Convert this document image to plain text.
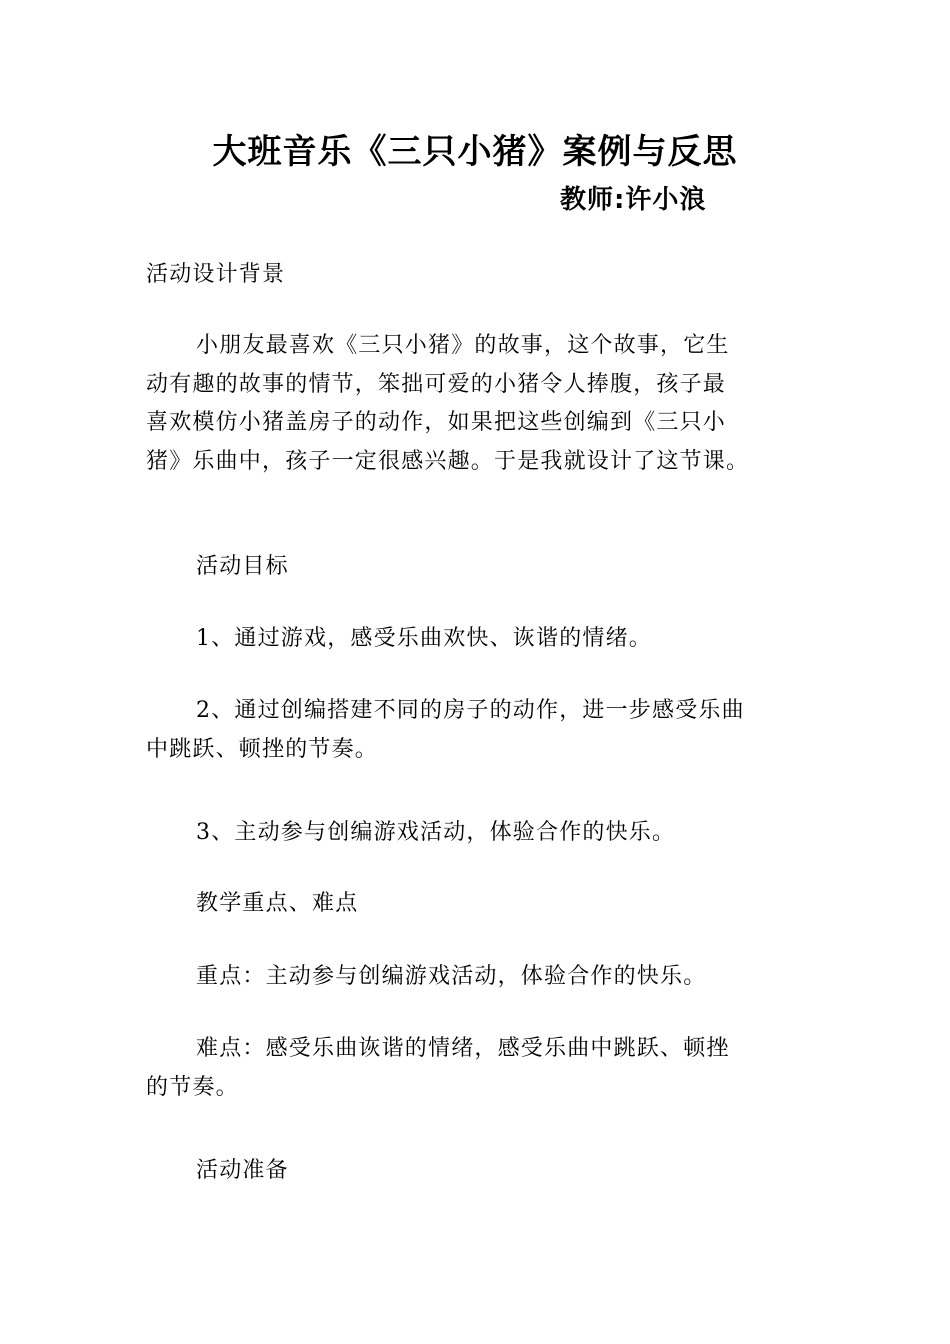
大班音乐《三只小猪》案例与反思
教师:许小浪
活动设计背景
小朋友最喜欢《三只小猪》的故事，这个故事，它生
动有趣的故事的情节，笨拙可爱的小猪令人捧腹，孩子最
喜欢模仿小猪盖房子的动作，如果把这些创编到《三只小
猪》乐曲中，孩子一定很感兴趣。于是我就设计了这节课。
活动目标
1、通过游戏，感受乐曲欢快、诙谐的情绪。
2、通过创编搭建不同的房子的动作，进一步感受乐曲
中跳跃、顿挫的节奏。
3、主动参与创编游戏活动，体验合作的快乐。
教学重点、难点
重点：主动参与创编游戏活动，体验合作的快乐。
难点：感受乐曲诙谐的情绪，感受乐曲中跳跃、顿挫
的节奏。
活动准备
